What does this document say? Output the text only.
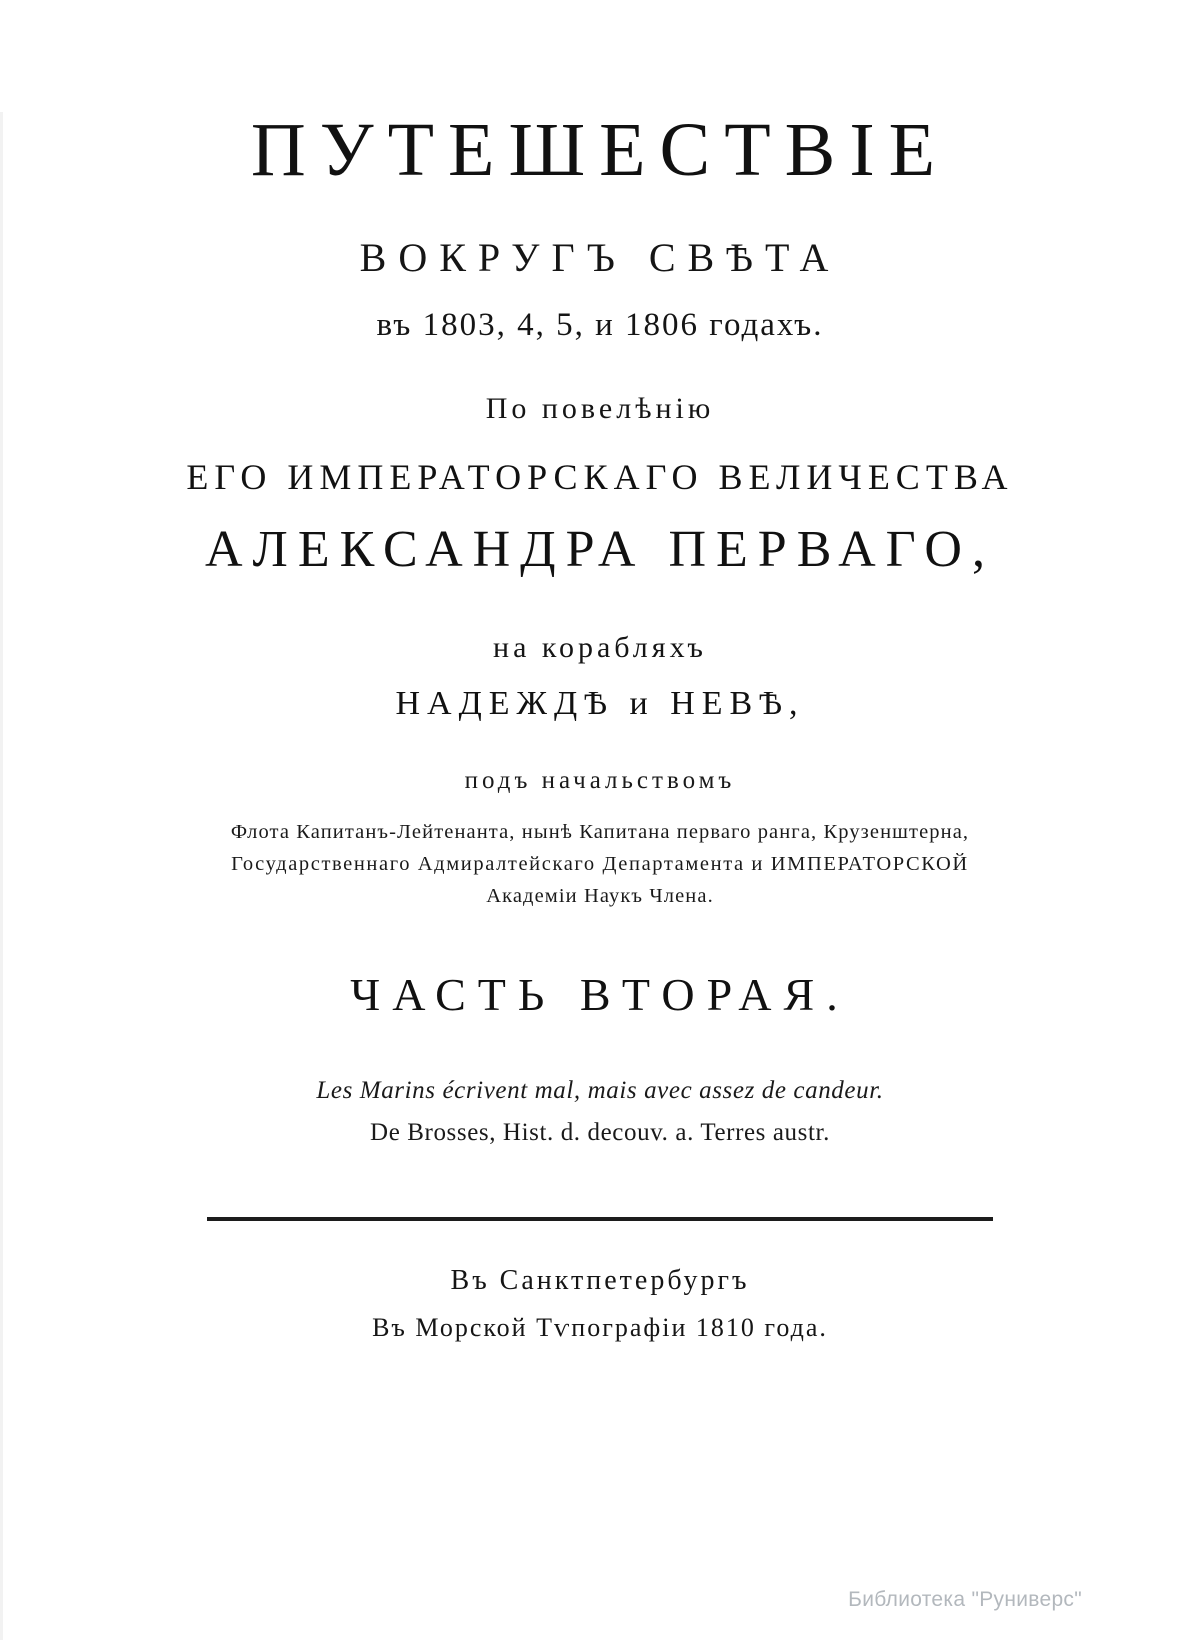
ПУТЕШЕСТВIЕ
ВОКРУГЪ СВѢТА
въ 1803, 4, 5, и 1806 годахъ.
По повелѣнію
ЕГО ИМПЕРАТОРСКАГО ВЕЛИЧЕСТВА
АЛЕКСАНДРА ПЕРВАГО,
на корабляхъ
НАДЕЖДѢ и НЕВѢ,
подъ начальствомъ
Флота Капитанъ-Лейтенанта, нынѣ Капитана перваго ранга, Крузенштерна,
Государственнаго Адмиралтейскаго Департамента и ИМПЕРАТОРСКОЙ
Академіи Наукъ Члена.
ЧАСТЬ ВТОРАЯ.
Les Marins écrivent mal, mais avec assez de candeur.
De Brosses, Hist. d. decouv. a. Terres austr.
Въ Санктпетербургъ
Въ Морской Тѵпографіи 1810 года.
Библиотека "Руниверс"
